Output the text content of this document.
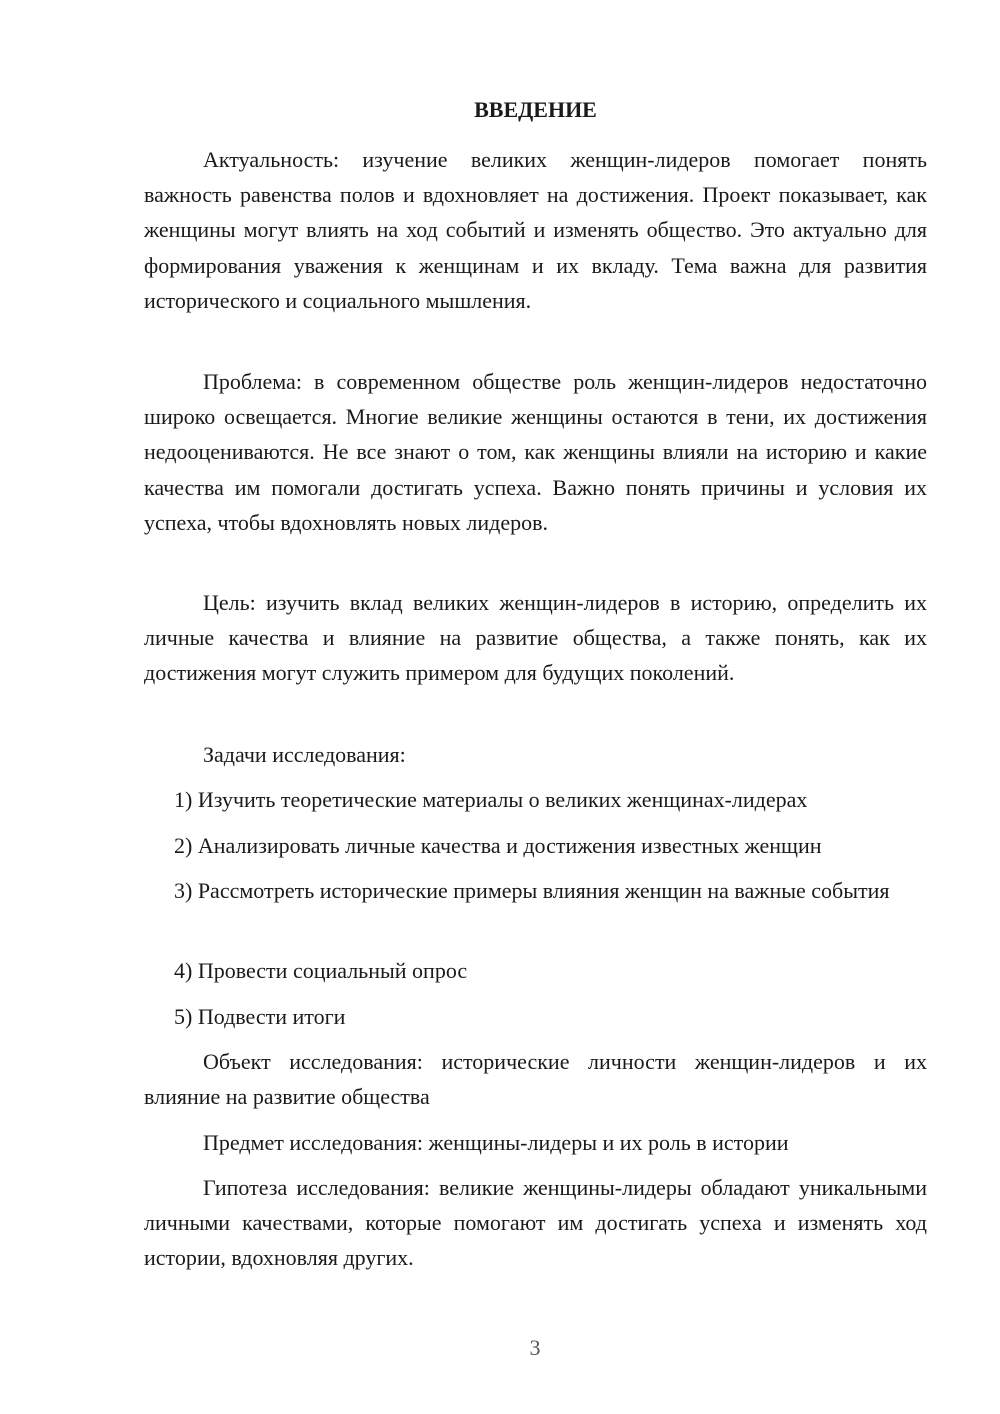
ВВЕДЕНИЕ

Актуальность: изучение великих женщин-лидеров помогает понять важность равенства полов и вдохновляет на достижения. Проект показывает, как женщины могут влиять на ход событий и изменять общество. Это актуально для формирования уважения к женщинам и их вкладу. Тема важна для развития исторического и социального мышления.

Проблема: в современном обществе роль женщин-лидеров недостаточно широко освещается. Многие великие женщины остаются в тени, их достижения недооцениваются. Не все знают о том, как женщины влияли на историю и какие качества им помогали достигать успеха. Важно понять причины и условия их успеха, чтобы вдохновлять новых лидеров.

Цель: изучить вклад великих женщин-лидеров в историю, определить их личные качества и влияние на развитие общества, а также понять, как их достижения могут служить примером для будущих поколений.

Задачи исследования:

1) Изучить теоретические материалы о великих женщинах-лидерах

2) Анализировать личные качества и достижения известных женщин

3) Рассмотреть исторические примеры влияния женщин на важные события

4) Провести социальный опрос

5) Подвести итоги

Объект исследования: исторические личности женщин-лидеров и их влияние на развитие общества

Предмет исследования: женщины-лидеры и их роль в истории

Гипотеза исследования: великие женщины-лидеры обладают уникальными личными качествами, которые помогают им достигать успеха и изменять ход истории, вдохновляя других.

3
